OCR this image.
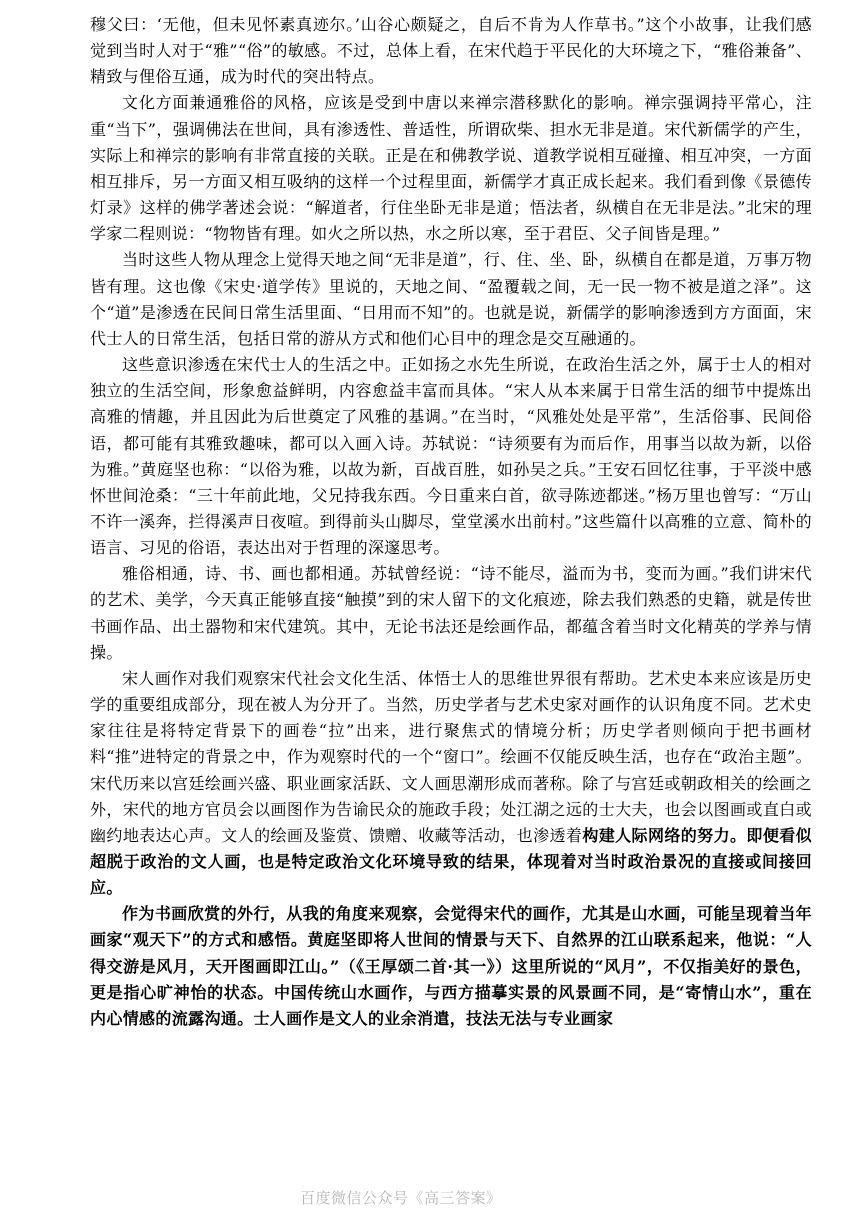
穆父曰：‘无他，但未见怀素真迹尔。’山谷心颇疑之，自后不肯为人作草书。”这个小故事，让我们感觉到当时人对于“雅”“俗”的敏感。不过，总体上看，在宋代趋于平民化的大环境之下，“雅俗兼备”、精致与俚俗互通，成为时代的突出特点。

文化方面兼通雅俗的风格，应该是受到中唐以来禅宗潜移默化的影响。禅宗强调持平常心，注重“当下”，强调佛法在世间，具有渗透性、普适性，所谓砍柴、担水无非是道。宋代新儒学的产生，实际上和禅宗的影响有非常直接的关联。正是在和佛教学说、道教学说相互碰撞、相互冲突，一方面相互排斥，另一方面又相互吸纳的这样一个过程里面，新儒学才真正成长起来。我们看到像《景德传灯录》这样的佛学著述会说：“解道者，行住坐卧无非是道；悟法者，纵横自在无非是法。”北宋的理学家二程则说：“物物皆有理。如火之所以热，水之所以寒，至于君臣、父子间皆是理。”

当时这些人物从理念上觉得天地之间“无非是道”，行、住、坐、卧，纵横自在都是道，万事万物皆有理。这也像《宋史·道学传》里说的，天地之间、“盈覆载之间，无一民一物不被是道之泽”。这个“道”是渗透在民间日常生活里面、“日用而不知”的。也就是说，新儒学的影响渗透到方方面面，宋代士人的日常生活，包括日常的游从方式和他们心目中的理念是交互融通的。

这些意识渗透在宋代士人的生活之中。正如扬之水先生所说，在政治生活之外，属于士人的相对独立的生活空间，形象愈益鲜明，内容愈益丰富而具体。“宋人从本来属于日常生活的细节中提炼出高雅的情趣，并且因此为后世奠定了风雅的基调。”在当时，“风雅处处是平常”，生活俗事、民间俗语，都可能有其雅致趣味，都可以入画入诗。苏轼说：“诗须要有为而后作，用事当以故为新，以俗为雅。”黄庭坚也称：“以俗为雅，以故为新，百战百胜，如孙吴之兵。”王安石回忆往事，于平淡中感怀世间沧桑：“三十年前此地，父兄持我东西。今日重来白首，欲寻陈迹都迷。”杨万里也曾写：“万山不许一溪奔，拦得溪声日夜喧。到得前头山脚尽，堂堂溪水出前村。”这些篇什以高雅的立意、简朴的语言、习见的俗语，表达出对于哲理的深邃思考。

雅俗相通，诗、书、画也都相通。苏轼曾经说：“诗不能尽，溢而为书，变而为画。”我们讲宋代的艺术、美学，今天真正能够直接“触摸”到的宋人留下的文化痕迹，除去我们熟悉的史籍，就是传世书画作品、出土器物和宋代建筑。其中，无论书法还是绘画作品，都蕴含着当时文化精英的学养与情操。

宋人画作对我们观察宋代社会文化生活、体悟士人的思维世界很有帮助。艺术史本来应该是历史学的重要组成部分，现在被人为分开了。当然，历史学者与艺术史家对画作的认识角度不同。艺术史家往往是将特定背景下的画卷“拉”出来，进行聚焦式的情境分析；历史学者则倾向于把书画材料“推”进特定的背景之中，作为观察时代的一个“窗口”。绘画不仅能反映生活，也存在“政治主题”。宋代历来以宫廷绘画兴盛、职业画家活跃、文人画思潮形成而著称。除了与宫廷或朝政相关的绘画之外，宋代的地方官员会以画图作为告谕民众的施政手段；处江湖之远的士大夫，也会以图画或直白或幽约地表达心声。文人的绘画及鉴赏、馈赠、收藏等活动，也渗透着构建人际网络的努力。即便看似超脱于政治的文人画，也是特定政治文化环境导致的结果，体现着对当时政治景况的直接或间接回应。

作为书画欣赏的外行，从我的角度来观察，会觉得宋代的画作，尤其是山水画，可能呈现着当年画家“观天下”的方式和感悟。黄庭坚即将人世间的情景与天下、自然界的江山联系起来，他说：“人得交游是风月，天开图画即江山。”（《王厚颂二首·其一》）这里所说的“风月”，不仅指美好的景色，更是指心旷神怡的状态。中国传统山水画作，与西方描摹实景的风景画不同，是“寄情山水”，重在内心情感的流露沟通。士人画作是文人的业余消遣，技法无法与专业画家

百度微信公众号《高三答案》
